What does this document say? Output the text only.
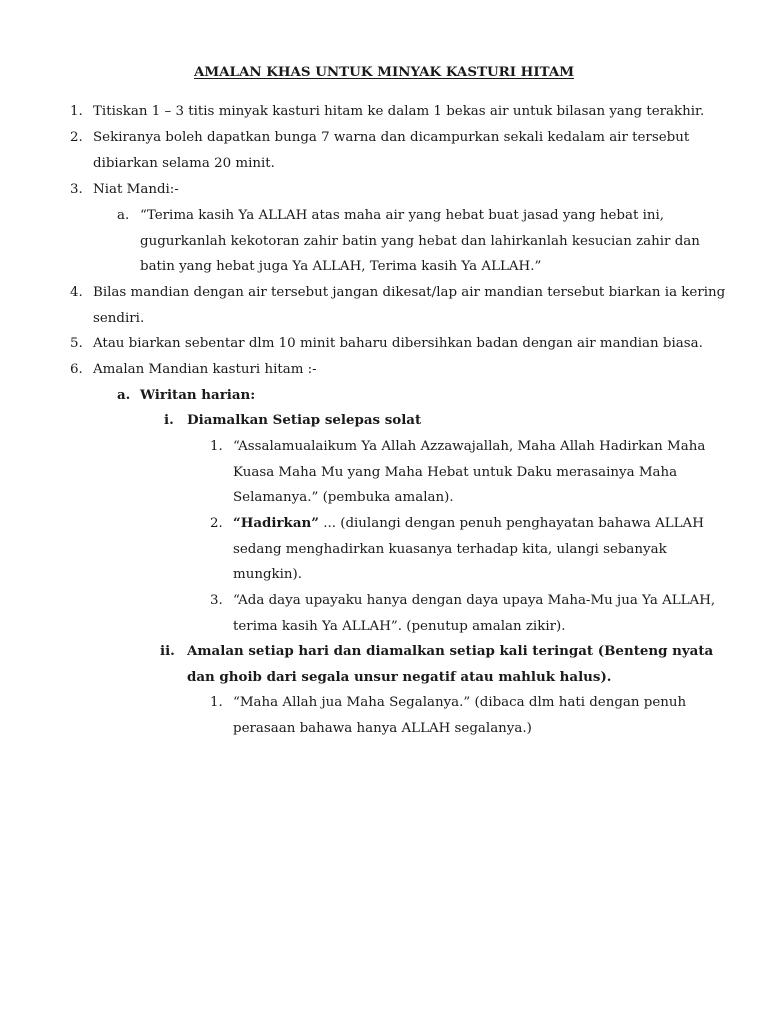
AMALAN KHAS UNTUK MINYAK KASTURI HITAM
1. Titiskan 1 – 3 titis minyak kasturi hitam ke dalam 1 bekas air untuk bilasan yang terakhir.
2. Sekiranya boleh dapatkan bunga 7 warna dan dicampurkan sekali kedalam air tersebut
dibiarkan selama 20 minit.
3. Niat Mandi:-
a. “Terima kasih Ya ALLAH atas maha air yang hebat buat jasad yang hebat ini,
gugurkanlah kekotoran zahir batin yang hebat dan lahirkanlah kesucian zahir dan
batin yang hebat juga Ya ALLAH, Terima kasih Ya ALLAH.”
4. Bilas mandian dengan air tersebut jangan dikesat/lap air mandian tersebut biarkan ia kering
sendiri.
5. Atau biarkan sebentar dlm 10 minit baharu dibersihkan badan dengan air mandian biasa.
6. Amalan Mandian kasturi hitam :-
a. Wiritan harian:
i. Diamalkan Setiap selepas solat
1. “Assalamualaikum Ya Allah Azzawajallah, Maha Allah Hadirkan Maha
Kuasa Maha Mu yang Maha Hebat untuk Daku merasainya Maha
Selamanya.” (pembuka amalan).
2. “Hadirkan” ... (diulangi dengan penuh penghayatan bahawa ALLAH
sedang menghadirkan kuasanya terhadap kita, ulangi sebanyak
mungkin).
3. “Ada daya upayaku hanya dengan daya upaya Maha-Mu jua Ya ALLAH,
terima kasih Ya ALLAH”. (penutup amalan zikir).
ii. Amalan setiap hari dan diamalkan setiap kali teringat (Benteng nyata
dan ghoib dari segala unsur negatif atau mahluk halus).
1. “Maha Allah jua Maha Segalanya.” (dibaca dlm hati dengan penuh
perasaan bahawa hanya ALLAH segalanya.)
